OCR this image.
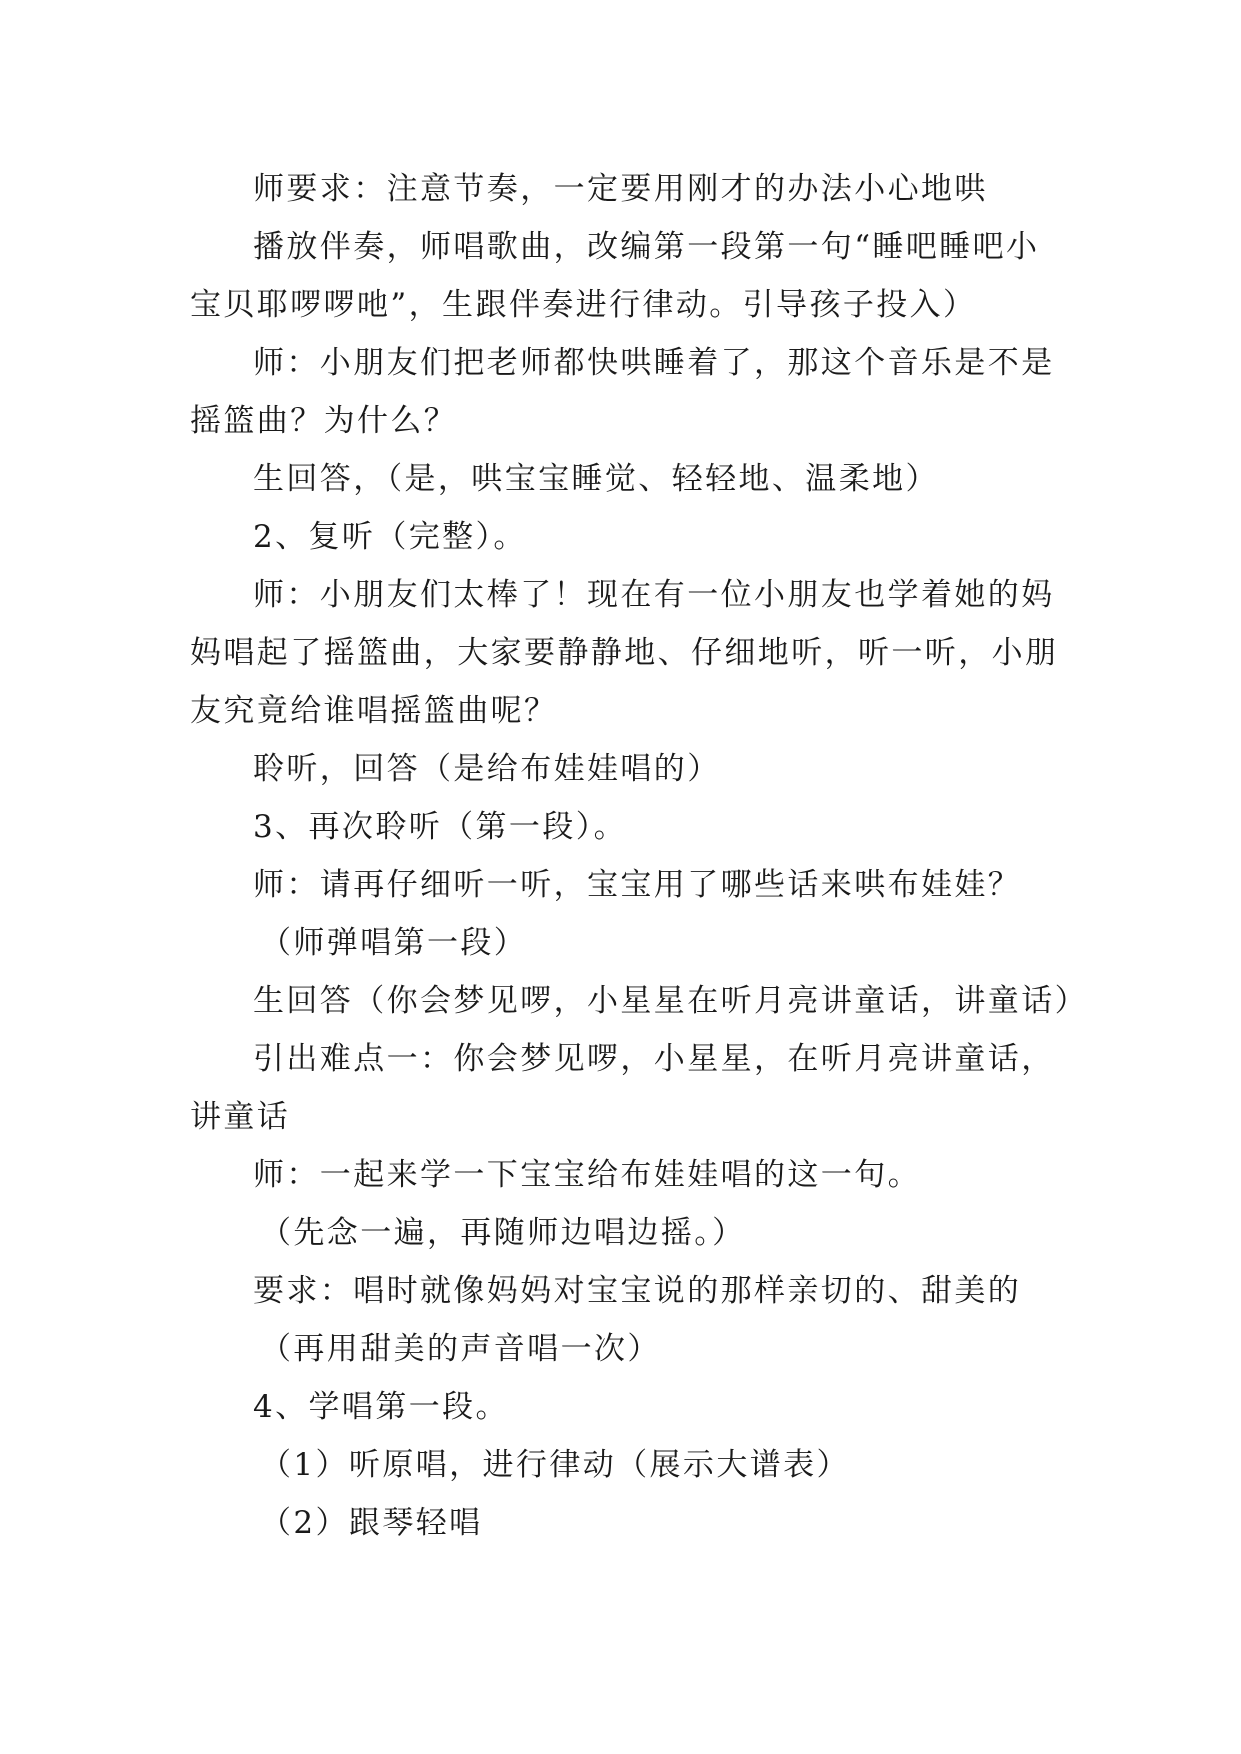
师要求：注意节奏，一定要用刚才的办法小心地哄

播放伴奏，师唱歌曲，改编第一段第一句“睡吧睡吧小

宝贝耶啰啰吔”，生跟伴奏进行律动。引导孩子投入）

师：小朋友们把老师都快哄睡着了，那这个音乐是不是

摇篮曲？为什么？

生回答，（是，哄宝宝睡觉、轻轻地、温柔地）

2、复听（完整）。

师：小朋友们太棒了！现在有一位小朋友也学着她的妈

妈唱起了摇篮曲，大家要静静地、仔细地听，听一听，小朋

友究竟给谁唱摇篮曲呢？

聆听，回答（是给布娃娃唱的）

3、再次聆听（第一段）。

师：请再仔细听一听，宝宝用了哪些话来哄布娃娃？

（师弹唱第一段）

生回答（你会梦见啰，小星星在听月亮讲童话，讲童话）

引出难点一：你会梦见啰，小星星，在听月亮讲童话，

讲童话

师：一起来学一下宝宝给布娃娃唱的这一句。

（先念一遍，再随师边唱边摇。）

要求：唱时就像妈妈对宝宝说的那样亲切的、甜美的

（再用甜美的声音唱一次）

4、学唱第一段。

（1）听原唱，进行律动（展示大谱表）

（2）跟琴轻唱
